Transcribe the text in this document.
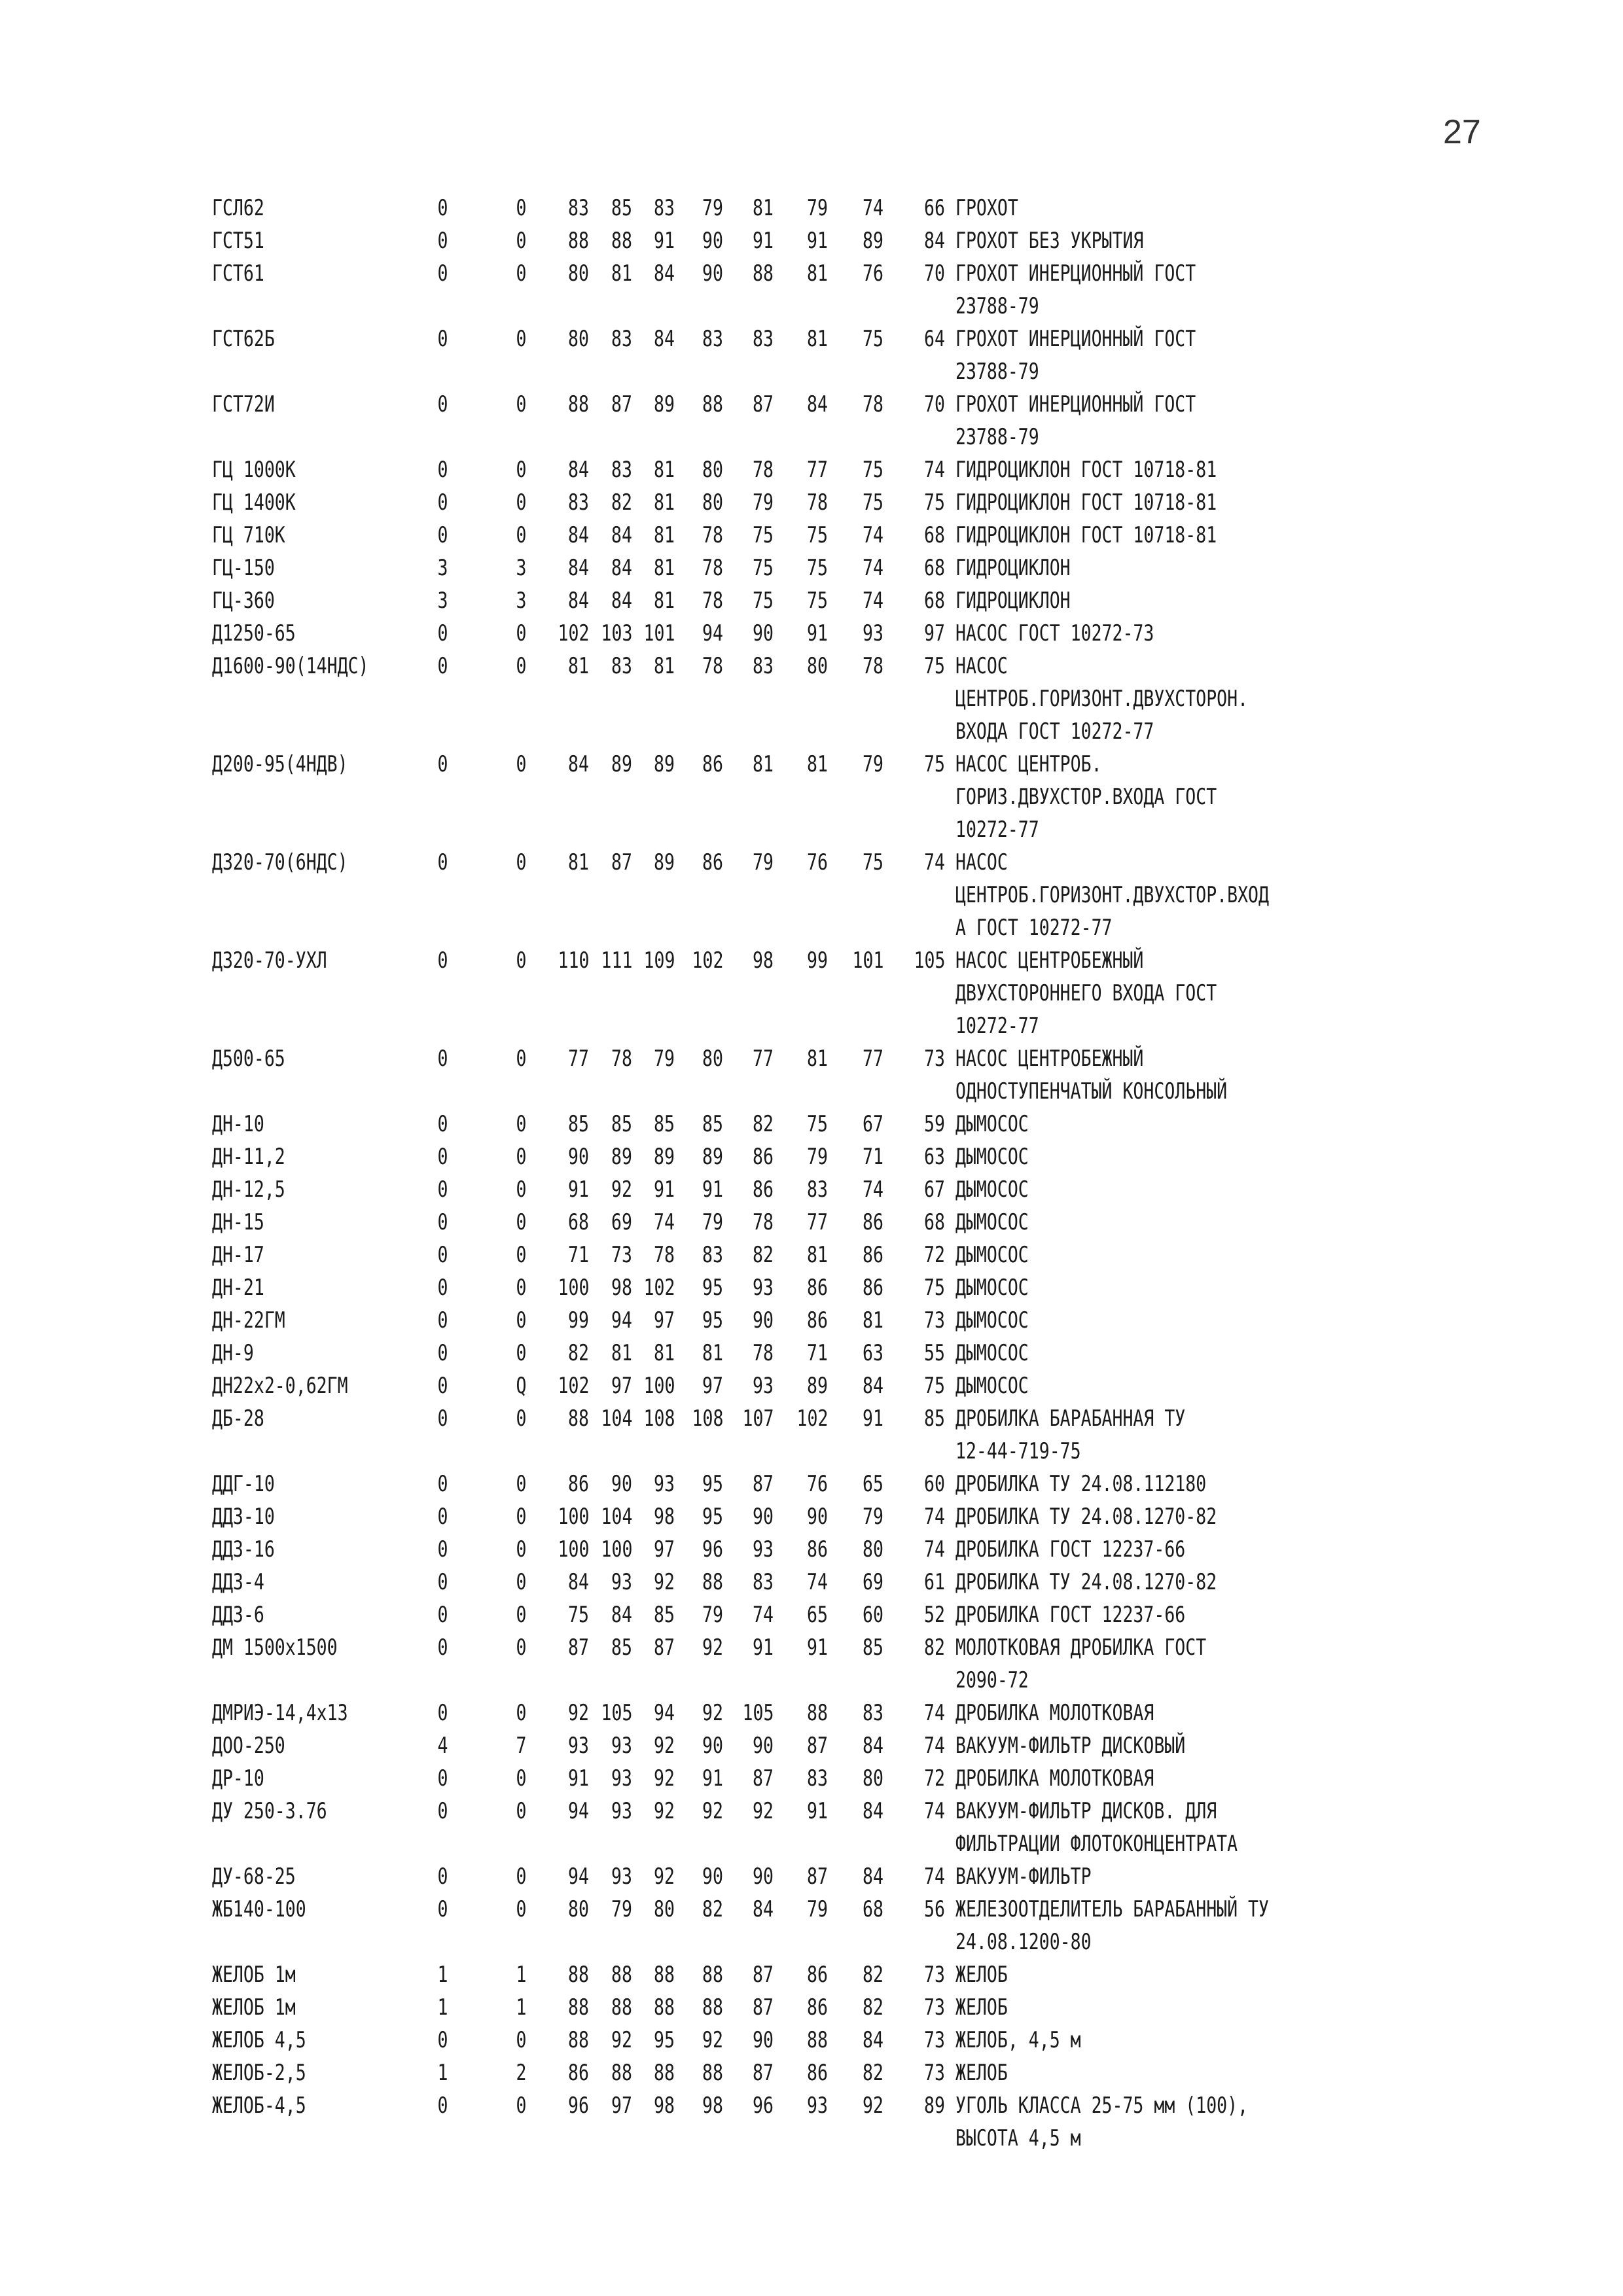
27
ГСЛ62	0	0 83 85 83 79 81 79 74 66 ГРОХОТ
ГСТ51	0	0 88 88 91 90 91 91 89 84 ГРОХОТ БЕЗ УКРЫТИЯ
ГСТ61	0	0 80 81 84 90 88 81 76 70 ГРОХОТ ИНЕРЦИОННЫЙ ГОСТ
23788-79
ГСТ62Б	0	0 80 83 84 83 83 81 75 64 ГРОХОТ ИНЕРЦИОННЫЙ ГОСТ
23788-79
ГСТ72И	0	0 88 87 89 88 87 84 78 70 ГРОХОТ ИНЕРЦИОННЫЙ ГОСТ
23788-79
ГЦ 1000К	0	0 84 83 81 80 78 77 75 74 ГИДРОЦИКЛОН ГОСТ 10718-81
ГЦ 1400К	0	0 83 82 81 80 79 78 75 75 ГИДРОЦИКЛОН ГОСТ 10718-81
ГЦ 710К	0	0 84 84 81 78 75 75 74 68 ГИДРОЦИКЛОН ГОСТ 10718-81
ГЦ-150	3	3 84 84 81 78 75 75 74 68 ГИДРОЦИКЛОН
ГЦ-360	3	3 84 84 81 78 75 75 74 68 ГИДРОЦИКЛОН
Д1250-65	0	0 102 103 101 94 90 91 93 97 НАСОС ГОСТ 10272-73
Д1600-90(14НДС)	0	0 81 83 81 78 83 80 78 75 НАСОС
ЦЕНТРОБ.ГОРИЗОНТ.ДВУХСТОРОН.
ВХОДА ГОСТ 10272-77
Д200-95(4НДВ)	0	0 84 89 89 86 81 81 79 75 НАСОС ЦЕНТРОБ.
ГОРИЗ.ДВУХСТОР.ВХОДА ГОСТ
10272-77
Д320-70(6НДС)	0	0 81 87 89 86 79 76 75 74 НАСОС
ЦЕНТРОБ.ГОРИЗОНТ.ДВУХСТОР.ВХОД
А ГОСТ 10272-77
Д320-70-УХЛ	0	0 110 111 109 102 98 99 101 105 НАСОС ЦЕНТРОБЕЖНЫЙ
ДВУХСТОРОННЕГО ВХОДА ГОСТ
10272-77
Д500-65	0	0 77 78 79 80 77 81 77 73 НАСОС ЦЕНТРОБЕЖНЫЙ
ОДНОСТУПЕНЧАТЫЙ КОНСОЛЬНЫЙ
ДН-10	0	0 85 85 85 85 82 75 67 59 ДЫМОСОС
ДН-11,2	0	0 90 89 89 89 86 79 71 63 ДЫМОСОС
ДН-12,5	0	0 91 92 91 91 86 83 74 67 ДЫМОСОС
ДН-15	0	0 68 69 74 79 78 77 86 68 ДЫМОСОС
ДН-17	0	0 71 73 78 83 82 81 86 72 ДЫМОСОС
ДН-21	0	0 100 98 102 95 93 86 86 75 ДЫМОСОС
ДН-22ГМ	0	0 99 94 97 95 90 86 81 73 ДЫМОСОС
ДН-9	0	0 82 81 81 81 78 71 63 55 ДЫМОСОС
ДН22х2-0,62ГМ	0	Q 102 97 100 97 93 89 84 75 ДЫМОСОС
ДБ-28	0	0 88 104 108 108 107 102 91 85 ДРОБИЛКА БАРАБАННАЯ ТУ
12-44-719-75
ДДГ-10	0	0 86 90 93 95 87 76 65 60 ДРОБИЛКА ТУ 24.08.112180
ДДЗ-10	0	0 100 104 98 95 90 90 79 74 ДРОБИЛКА ТУ 24.08.1270-82
ДДЗ-16	0	0 100 100 97 96 93 86 80 74 ДРОБИЛКА ГОСТ 12237-66
ДДЗ-4	0	0 84 93 92 88 83 74 69 61 ДРОБИЛКА ТУ 24.08.1270-82
ДДЗ-6	0	0 75 84 85 79 74 65 60 52 ДРОБИЛКА ГОСТ 12237-66
ДМ 1500х1500	0	0 87 85 87 92 91 91 85 82 МОЛОТКОВАЯ ДРОБИЛКА ГОСТ
2090-72
ДМРИЭ-14,4х13	0	0 92 105 94 92 105 88 83 74 ДРОБИЛКА МОЛОТКОВАЯ
ДОО-250	4	7 93 93 92 90 90 87 84 74 ВАКУУМ-ФИЛЬТР ДИСКОВЫЙ
ДР-10	0	0 91 93 92 91 87 83 80 72 ДРОБИЛКА МОЛОТКОВАЯ
ДУ 250-3.76	0	0 94 93 92 92 92 91 84 74 ВАКУУМ-ФИЛЬТР ДИСКОВ. ДЛЯ
ФИЛЬТРАЦИИ ФЛОТОКОНЦЕНТРАТА
ДУ-68-25	0	0 94 93 92 90 90 87 84 74 ВАКУУМ-ФИЛЬТР
ЖБ140-100	0	0 80 79 80 82 84 79 68 56 ЖЕЛЕЗООТДЕЛИТЕЛЬ БАРАБАННЫЙ ТУ
24.08.1200-80
ЖЕЛОБ 1м	1	1 88 88 88 88 87 86 82 73 ЖЕЛОБ
ЖЕЛОБ 1м	1	1 88 88 88 88 87 86 82 73 ЖЕЛОБ
ЖЕЛОБ 4,5	0	0 88 92 95 92 90 88 84 73 ЖЕЛОБ, 4,5 м
ЖЕЛОБ-2,5	1	2 86 88 88 88 87 86 82 73 ЖЕЛОБ
ЖЕЛОБ-4,5	0	0 96 97 98 98 96 93 92 89 УГОЛЬ КЛАССА 25-75 мм (100),
ВЫСОТА 4,5 м
